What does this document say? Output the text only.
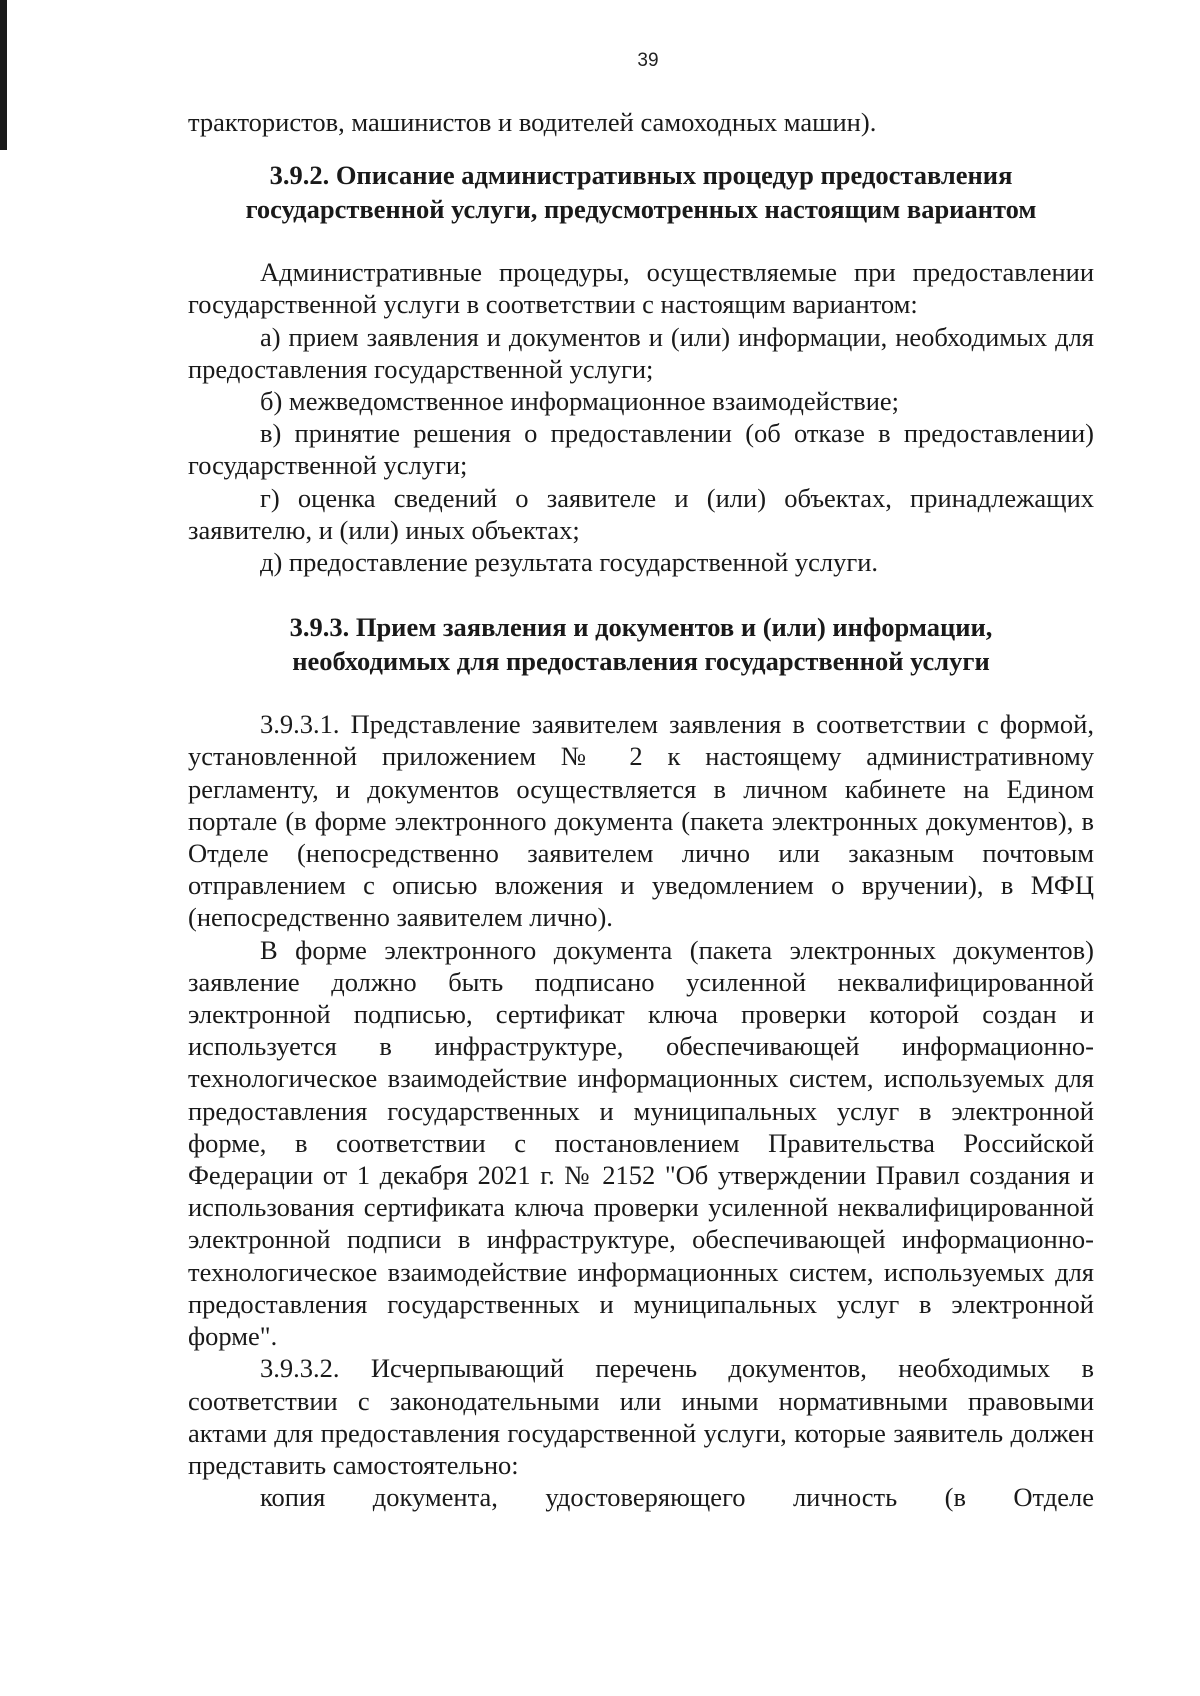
39

трактористов, машинистов и водителей самоходных машин).

3.9.2. Описание административных процедур предоставления
государственной услуги, предусмотренных настоящим вариантом

Административные процедуры, осуществляемые при предоставлении государственной услуги в соответствии с настоящим вариантом:

а) прием заявления и документов и (или) информации, необходимых для предоставления государственной услуги;

б) межведомственное информационное взаимодействие;

в) принятие решения о предоставлении (об отказе в предоставлении) государственной услуги;

г) оценка сведений о заявителе и (или) объектах, принадлежащих заявителю, и (или) иных объектах;

д) предоставление результата государственной услуги.

3.9.3. Прием заявления и документов и (или) информации,
необходимых для предоставления государственной услуги

3.9.3.1. Представление заявителем заявления в соответствии с формой, установленной приложением № 2 к настоящему административному регламенту, и документов осуществляется в личном кабинете на Едином портале (в форме электронного документа (пакета электронных документов), в Отделе (непосредственно заявителем лично или заказным почтовым отправлением с описью вложения и уведомлением о вручении), в МФЦ (непосредственно заявителем лично).

В форме электронного документа (пакета электронных документов) заявление должно быть подписано усиленной неквалифицированной электронной подписью, сертификат ключа проверки которой создан и используется в инфраструктуре, обеспечивающей информационно-технологическое взаимодействие информационных систем, используемых для предоставления государственных и муниципальных услуг в электронной форме, в соответствии с постановлением Правительства Российской Федерации от 1 декабря 2021 г. № 2152 "Об утверждении Правил создания и использования сертификата ключа проверки усиленной неквалифицированной электронной подписи в инфраструктуре, обеспечивающей информационно-технологическое взаимодействие информационных систем, используемых для предоставления государственных и муниципальных услуг в электронной форме".

3.9.3.2. Исчерпывающий перечень документов, необходимых в соответствии с законодательными или иными нормативными правовыми актами для предоставления государственной услуги, которые заявитель должен представить самостоятельно:

копия документа, удостоверяющего личность (в Отделе
